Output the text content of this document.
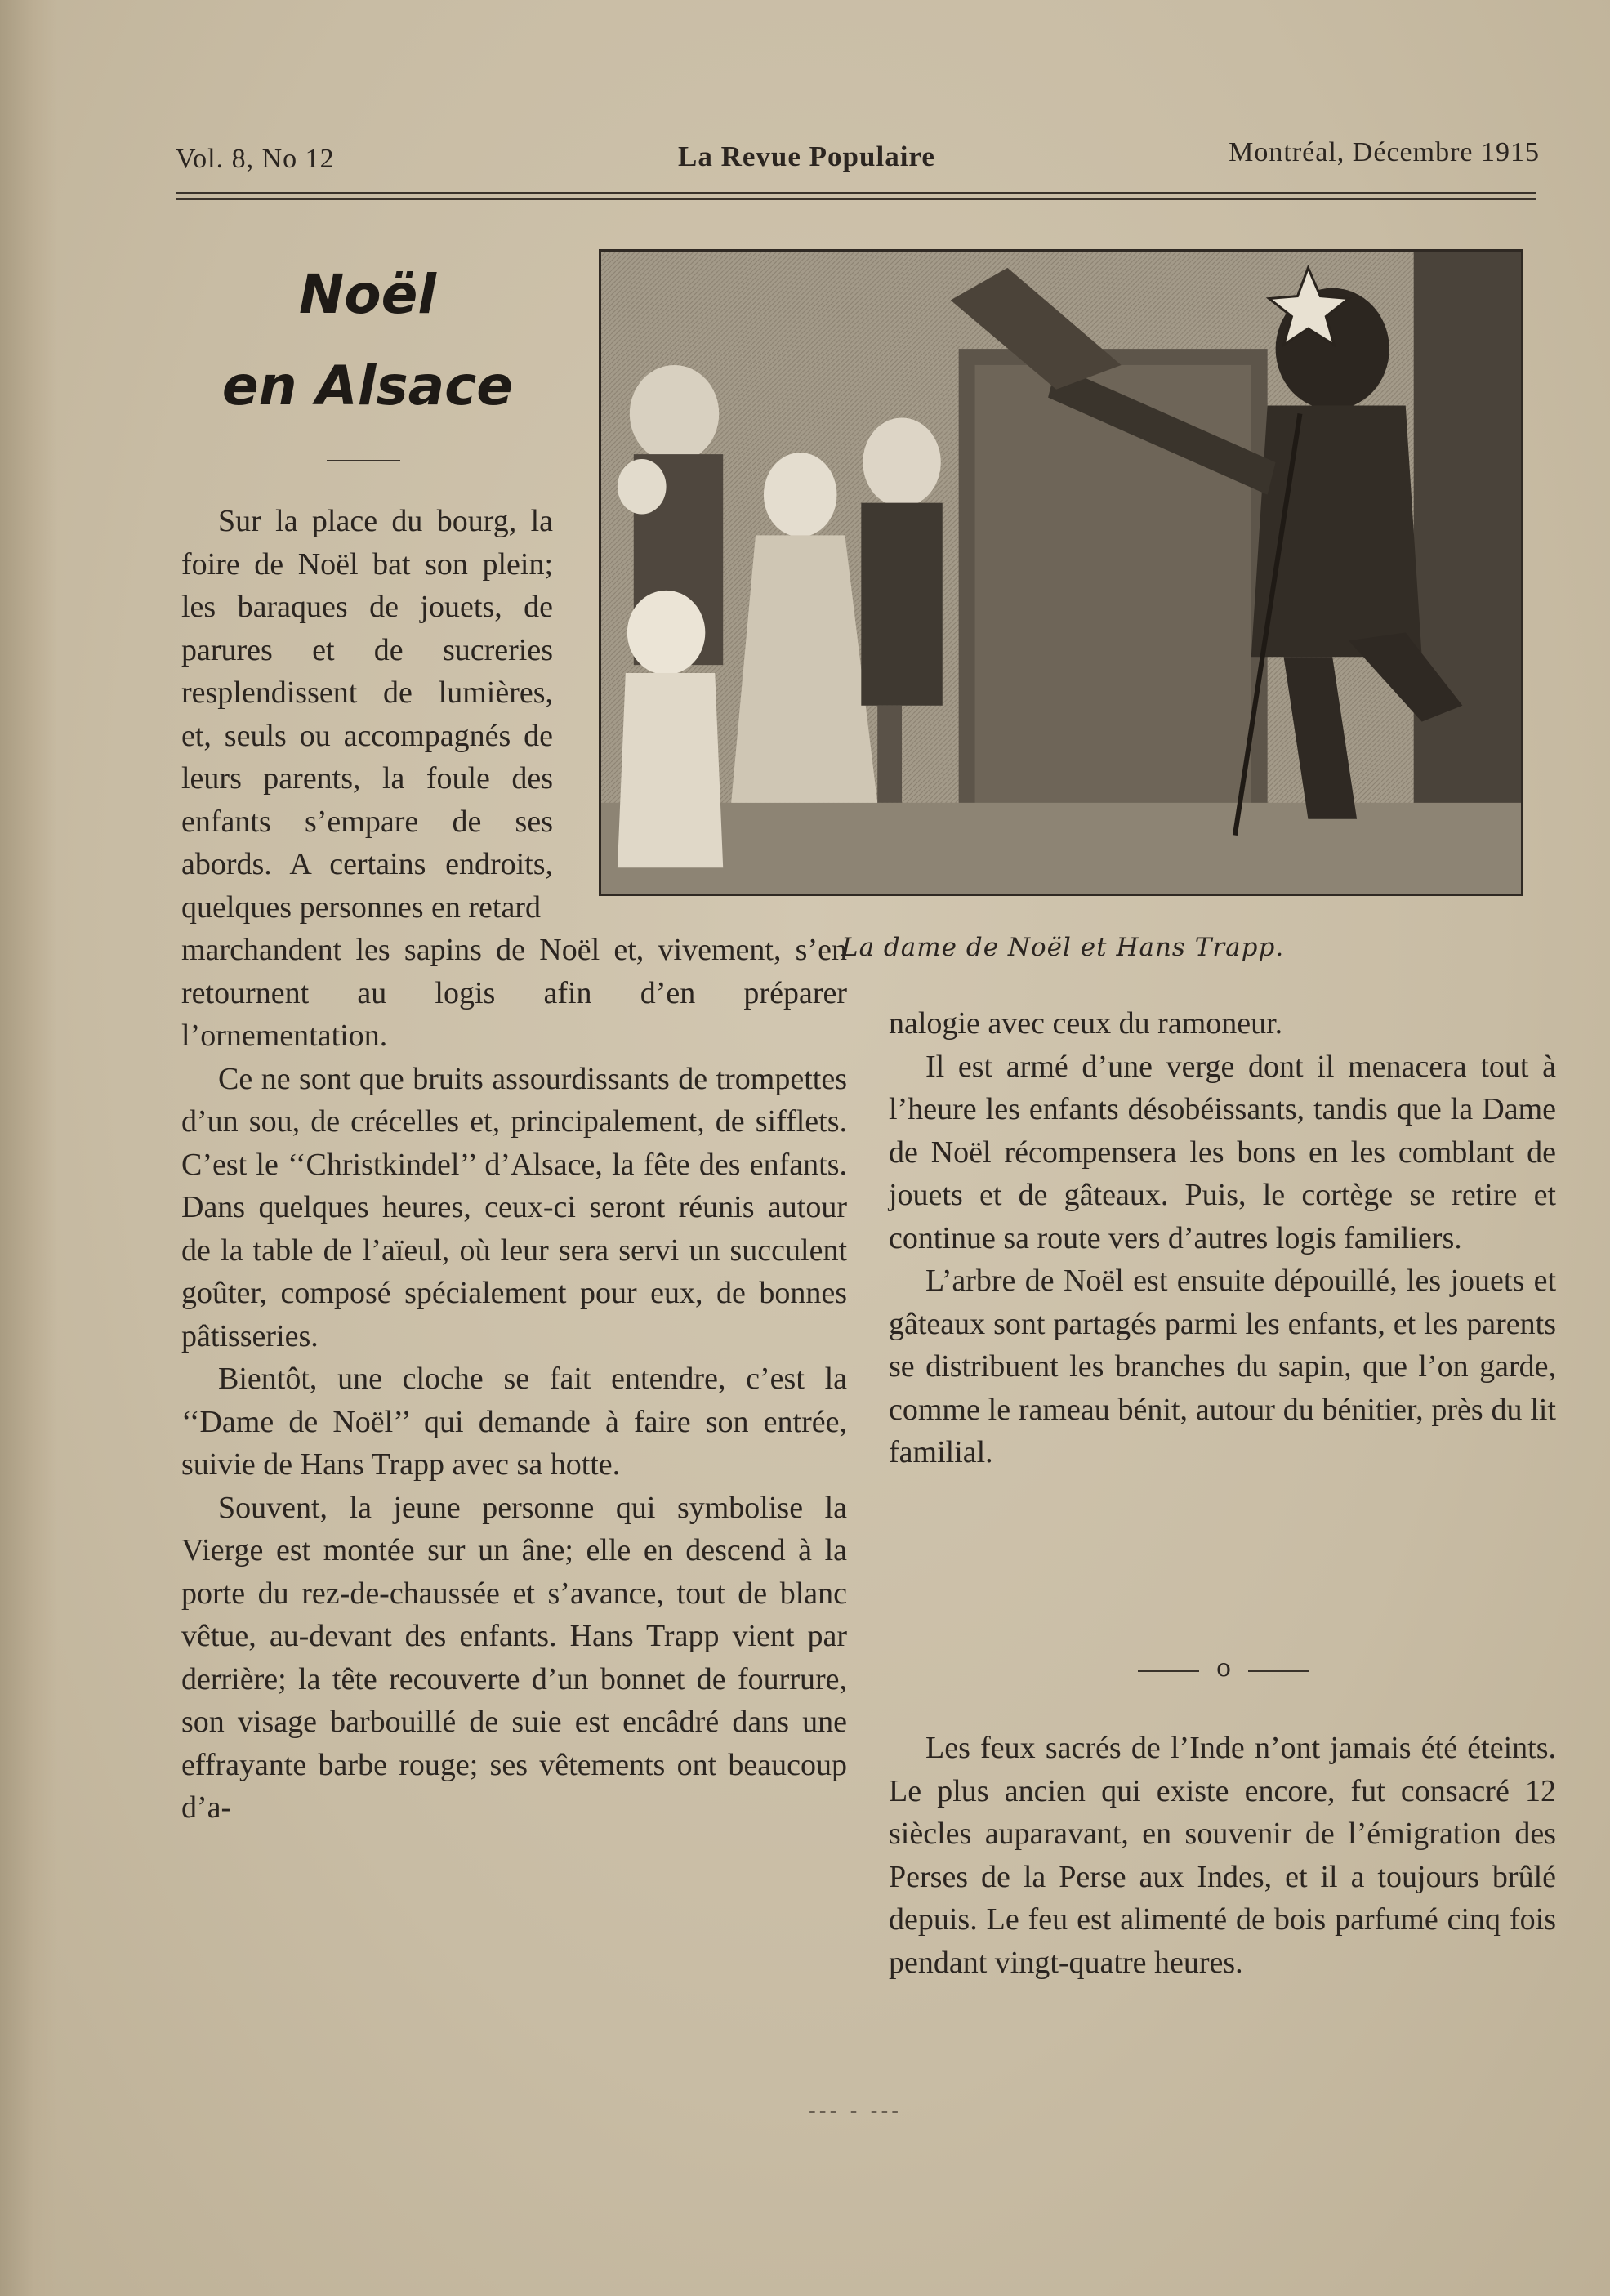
Vol. 8, No 12	La Revue Populaire	Montréal, Décembre 1915
Noël
en Alsace
La dame de Noël et Hans Trapp.

Sur la place du bourg, la foire de Noël bat son plein; les baraques de jouets, de parures et de sucreries resplendissent de lumières, et, seuls ou accompagnés de leurs parents, la foule des enfants s’empare de ses abords. A certains endroits, quelques personnes en retard

marchandent les sapins de Noël et, vivement, s’en retournent au logis afin d’en préparer l’ornementation.

Ce ne sont que bruits assourdissants de trompettes d’un sou, de crécelles et, principalement, de sifflets. C’est le ‘‘Christkindel’’ d’Alsace, la fête des enfants. Dans quelques heures, ceux-ci seront réunis autour de la table de l’aïeul, où leur sera servi un succulent goûter, composé spécialement pour eux, de bonnes pâtisseries.

Bientôt, une cloche se fait entendre, c’est la ‘‘Dame de Noël’’ qui demande à faire son entrée, suivie de Hans Trapp avec sa hotte.

Souvent, la jeune personne qui symbolise la Vierge est montée sur un âne; elle en descend à la porte du rez-de-chaussée et s’avance, tout de blanc vêtue, au-devant des enfants. Hans Trapp vient par derrière; la tête recouverte d’un bonnet de fourrure, son visage barbouillé de suie est encâdré dans une effrayante barbe rouge; ses vêtements ont beaucoup d’a-

nalogie avec ceux du ramoneur.

Il est armé d’une verge dont il menacera tout à l’heure les enfants désobéissants, tandis que la Dame de Noël récompensera les bons en les comblant de jouets et de gâteaux. Puis, le cortège se retire et continue sa route vers d’autres logis familiers.

L’arbre de Noël est ensuite dépouillé, les jouets et gâteaux sont partagés parmi les enfants, et les parents se distribuent les branches du sapin, que l’on garde, comme le rameau bénit, autour du bénitier, près du lit familial.

o

Les feux sacrés de l’Inde n’ont jamais été éteints. Le plus ancien qui existe encore, fut consacré 12 siècles auparavant, en souvenir de l’émigration des Perses de la Perse aux Indes, et il a toujours brûlé depuis. Le feu est alimenté de bois parfumé cinq fois pendant vingt-quatre heures.

--- - ---
